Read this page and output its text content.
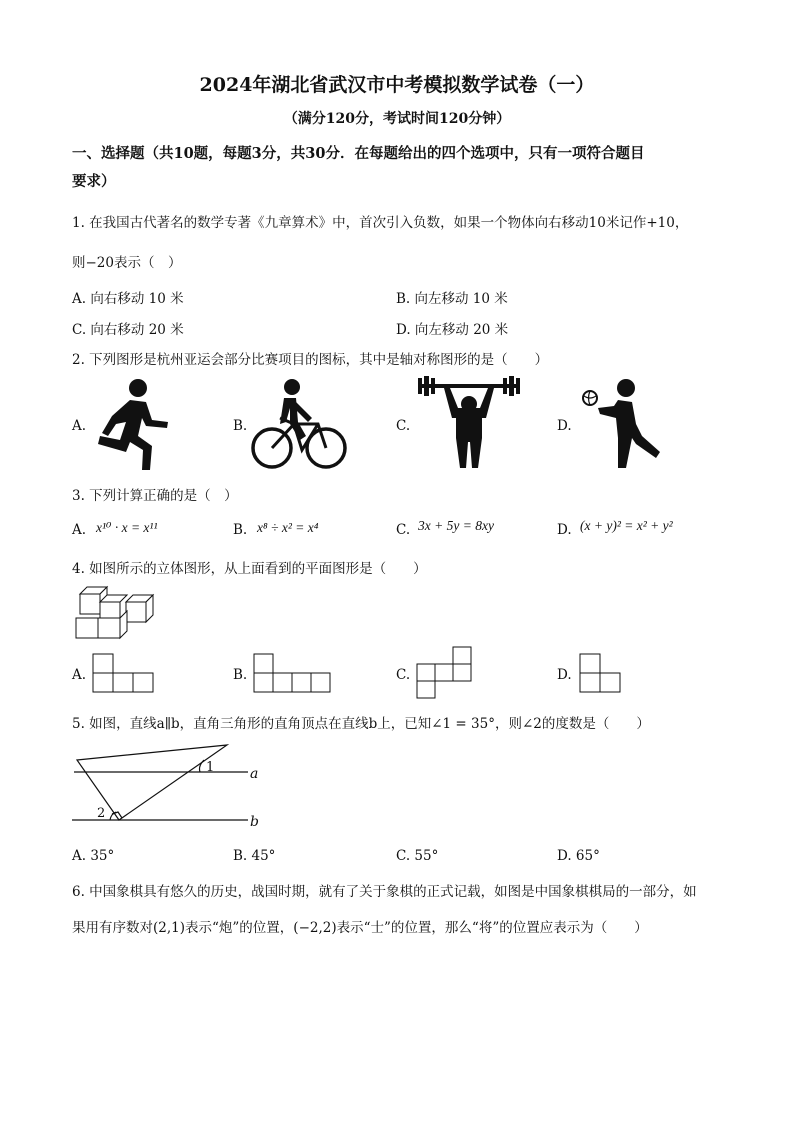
2024年湖北省武汉市中考模拟数学试卷（一）
（满分120分，考试时间120分钟）
一、选择题（共10题，每题3分，共30分．在每题给出的四个选项中，只有一项符合题目
要求）
1. 在我国古代著名的数学专著《九章算术》中，首次引入负数，如果一个物体向右移动10米记作+10，
则−20表示（　）
A. 向右移动 10 米	B. 向左移动 10 米
C. 向右移动 20 米	D. 向左移动 20 米
2. 下列图形是杭州亚运会部分比赛项目的图标，其中是轴对称图形的是（　　）
A.	B.	C.	D.
3. 下列计算正确的是（　）
A. x¹⁰ · x = x¹¹	B. x⁸ ÷ x² = x⁴	C. 3x + 5y = 8xy	D. (x + y)² = x² + y²
4. 如图所示的立体图形，从上面看到的平面图形是（　　）
A.	B.	C.	D.
5. 如图，直线a∥b，直角三角形的直角顶点在直线b上，已知∠1 = 35°，则∠2的度数是（　　）
a
b
1
2
A. 35°	B. 45°	C. 55°	D. 65°
6. 中国象棋具有悠久的历史，战国时期，就有了关于象棋的正式记载，如图是中国象棋棋局的一部分，如
果用有序数对(2,1)表示“炮”的位置，(−2,2)表示“士”的位置，那么“将”的位置应表示为（　　）
